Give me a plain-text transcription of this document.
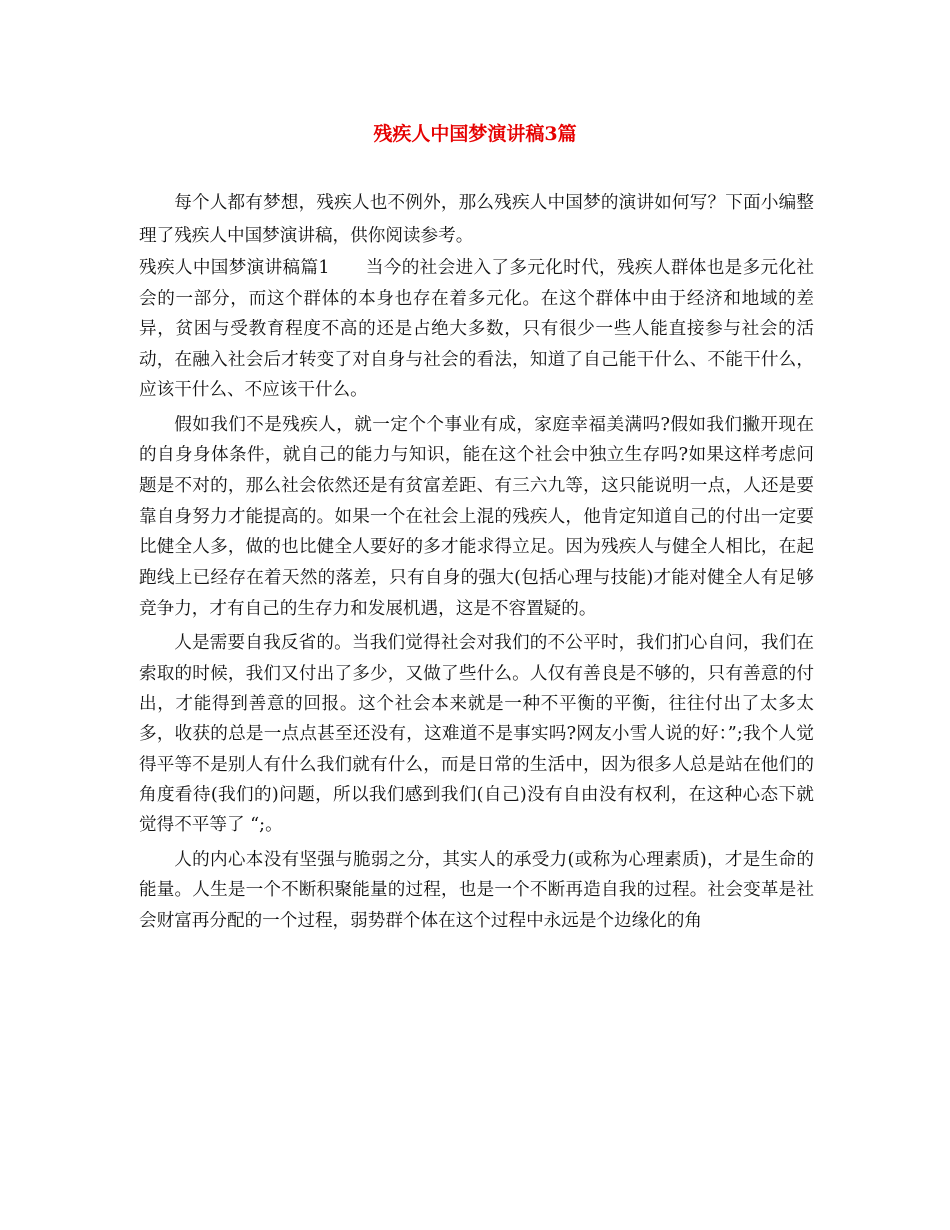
残疾人中国梦演讲稿3篇

每个人都有梦想，残疾人也不例外，那么残疾人中国梦的演讲如何写？下面小编整理了残疾人中国梦演讲稿，供你阅读参考。

残疾人中国梦演讲稿篇1　　当今的社会进入了多元化时代，残疾人群体也是多元化社会的一部分，而这个群体的本身也存在着多元化。在这个群体中由于经济和地域的差异，贫困与受教育程度不高的还是占绝大多数，只有很少一些人能直接参与社会的活动，在融入社会后才转变了对自身与社会的看法，知道了自己能干什么、不能干什么，应该干什么、不应该干什么。

假如我们不是残疾人，就一定个个事业有成，家庭幸福美满吗?假如我们撇开现在的自身身体条件，就自己的能力与知识，能在这个社会中独立生存吗?如果这样考虑问题是不对的，那么社会依然还是有贫富差距、有三六九等，这只能说明一点，人还是要靠自身努力才能提高的。如果一个在社会上混的残疾人，他肯定知道自己的付出一定要比健全人多，做的也比健全人要好的多才能求得立足。因为残疾人与健全人相比，在起跑线上已经存在着天然的落差，只有自身的强大(包括心理与技能)才能对健全人有足够竞争力，才有自己的生存力和发展机遇，这是不容置疑的。

人是需要自我反省的。当我们觉得社会对我们的不公平时，我们扪心自问，我们在索取的时候，我们又付出了多少，又做了些什么。人仅有善良是不够的，只有善意的付出，才能得到善意的回报。这个社会本来就是一种不平衡的平衡，往往付出了太多太多，收获的总是一点点甚至还没有，这难道不是事实吗?网友小雪人说的好：”;我个人觉得平等不是别人有什么我们就有什么，而是日常的生活中，因为很多人总是站在他们的角度看待(我们的)问题，所以我们感到我们(自己)没有自由没有权利，在这种心态下就觉得不平等了 “;。

人的内心本没有坚强与脆弱之分，其实人的承受力(或称为心理素质)，才是生命的能量。人生是一个不断积聚能量的过程，也是一个不断再造自我的过程。社会变革是社会财富再分配的一个过程，弱势群个体在这个过程中永远是个边缘化的角
